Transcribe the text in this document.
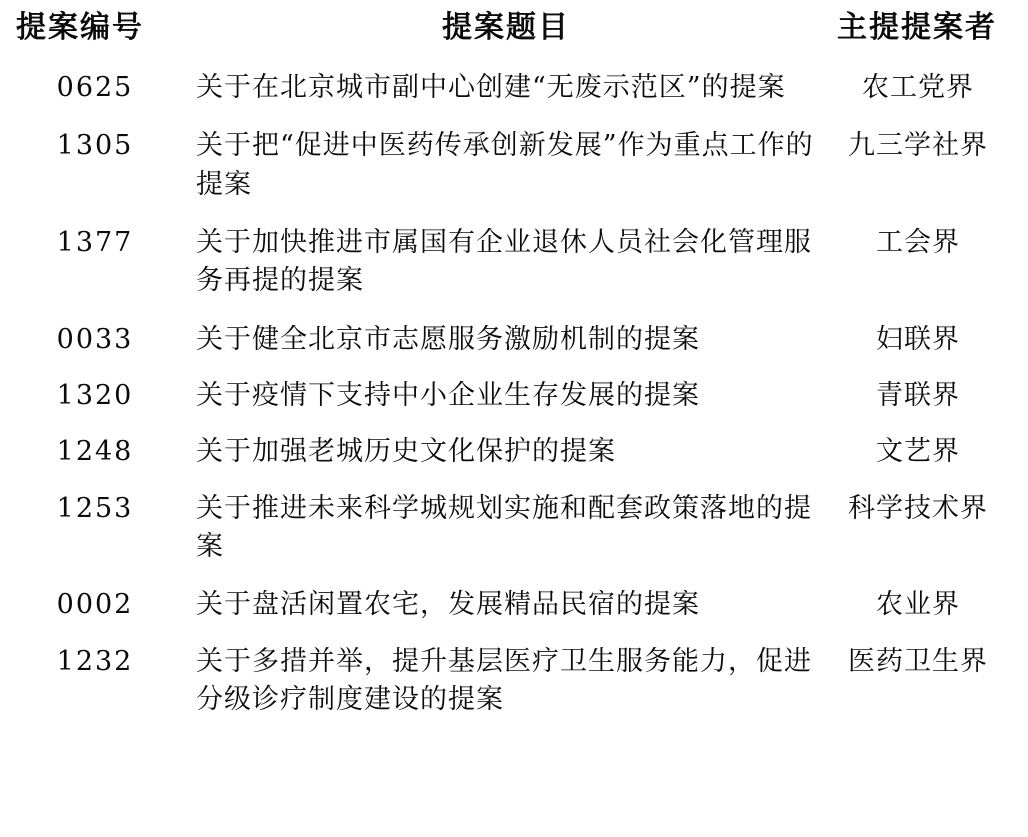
提案编号	提案题目	主提提案者
0625	关于在北京城市副中心创建“无废示范区”的提案	农工党界
1305	关于把“促进中医药传承创新发展”作为重点工作的提案	九三学社界
1377	关于加快推进市属国有企业退休人员社会化管理服务再提的提案	工会界
0033	关于健全北京市志愿服务激励机制的提案	妇联界
1320	关于疫情下支持中小企业生存发展的提案	青联界
1248	关于加强老城历史文化保护的提案	文艺界
1253	关于推进未来科学城规划实施和配套政策落地的提案	科学技术界
0002	关于盘活闲置农宅，发展精品民宿的提案	农业界
1232	关于多措并举，提升基层医疗卫生服务能力，促进分级诊疗制度建设的提案	医药卫生界
